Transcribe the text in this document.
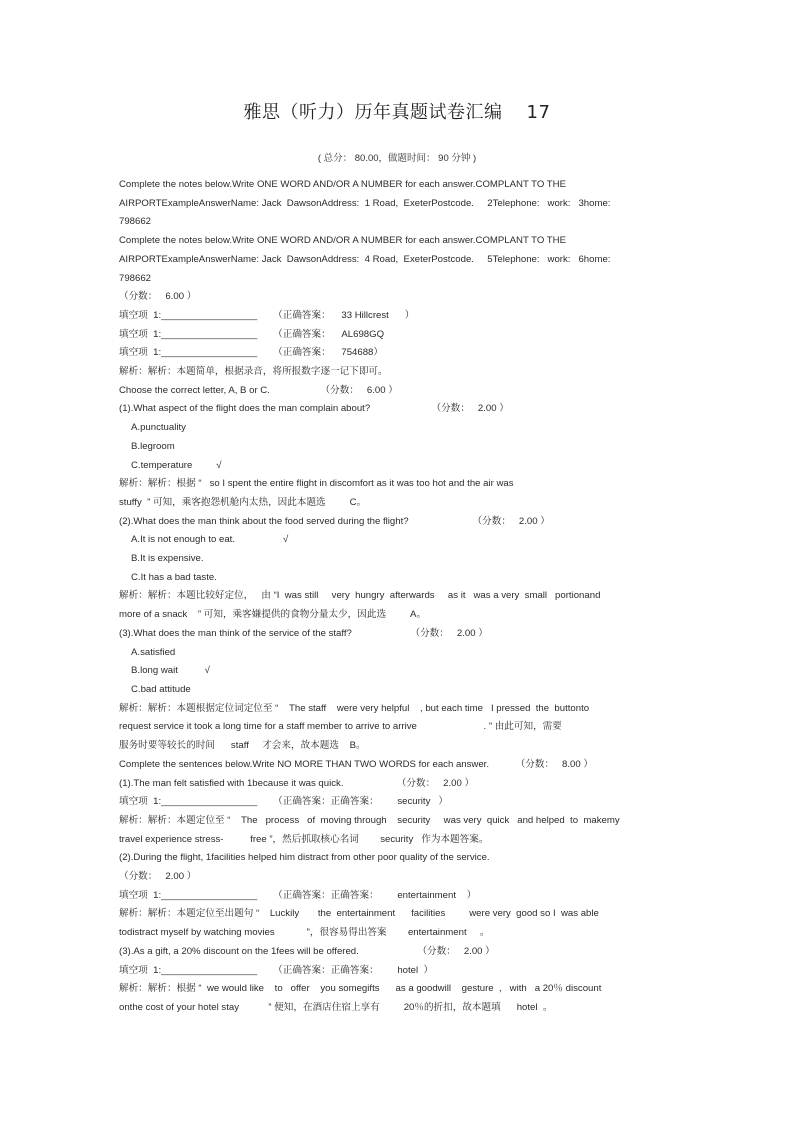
雅思（听力）历年真题试卷汇编 17
( 总分： 80.00，做题时间： 90 分钟 )

Complete the notes below.Write ONE WORD AND/OR A NUMBER for each answer.COMPLANT TO THE

AIRPORTExampleAnswerName: Jack  DawsonAddress:  1 Road,  ExeterPostcode.     2Telephone:   work:   3home:

798662

Complete the notes below.Write ONE WORD AND/OR A NUMBER for each answer.COMPLANT TO THE

AIRPORTExampleAnswerName: Jack  DawsonAddress:  4 Road,  ExeterPostcode.     5Telephone:   work:   6home:

798662

（分数：   6.00 ）

填空项  1:__________________      （正确答案：    33 Hillcrest      ）

填空项  1:__________________      （正确答案：    AL698GQ

填空项  1:__________________      （正确答案：    754688）

解析：解析：本题简单，根据录音，将所报数字逐一记下即可。

Choose the correct letter, A, B or C.                   （分数：   6.00 ）

(1).What aspect of the flight does the man complain about?                       （分数：   2.00 ）

A.punctuality

B.legroom

C.temperature         √

解析：解析：根据 “   so I spent the entire flight in discomfort as it was too hot and the air was

stuffy  ” 可知，乘客抱怨机舱内太热，因此本题选         C。

(2).What does the man think about the food served during the flight?                        （分数：   2.00 ）

A.It is not enough to eat.                  √

B.It is expensive.

C.It has a bad taste.

解析：解析：本题比较好定位，   由 “I  was still     very  hungry  afterwards     as it   was a very  small   portionand

more of a snack    ” 可知，乘客嫌提供的食物分量太少，因此选         A。

(3).What does the man think of the service of the staff?                      （分数：   2.00 ）

A.satisfied

B.long wait          √

C.bad attitude

解析：解析：本题根据定位词定位至 “    The staff    were very helpful    , but each time   I pressed  the  buttonto

request service it took a long time for a staff member to arrive to arrive                         . ” 由此可知，需要

服务时要等较长的时间      staff     才会来，故本题选    B。

Complete the sentences below.Write NO MORE THAN TWO WORDS for each answer.          （分数：   8.00 ）

(1).The man felt satisfied with 1because it was quick.                    （分数：   2.00 ）

填空项  1:__________________      （正确答案：正确答案：       security   ）

解析：解析：本题定位至 “    The   process   of  moving through    security     was very  quick   and helped  to  makemy

travel experience stress-          free ”，然后抓取核心名词        security   作为本题答案。

(2).During the flight, 1facilities helped him distract from other poor quality of the service.

（分数：   2.00 ）

填空项  1:__________________      （正确答案：正确答案：       entertainment    ）

解析：解析：本题定位至出题句 “    Luckily       the  entertainment      facilities         were very  good so I  was able

todistract myself by watching movies            ”，很容易得出答案        entertainment     。

(3).As a gift, a 20% discount on the 1fees will be offered.                      （分数：   2.00 ）

填空项  1:__________________      （正确答案：正确答案：       hotel  ）

解析：解析：根据 “  we would like    to   offer    you somegifts      as a goodwill    gesture  ,   with   a 20％ discount

onthe cost of your hotel stay           ” 便知，在酒店住宿上享有         20％的折扣，故本题填      hotel  。
